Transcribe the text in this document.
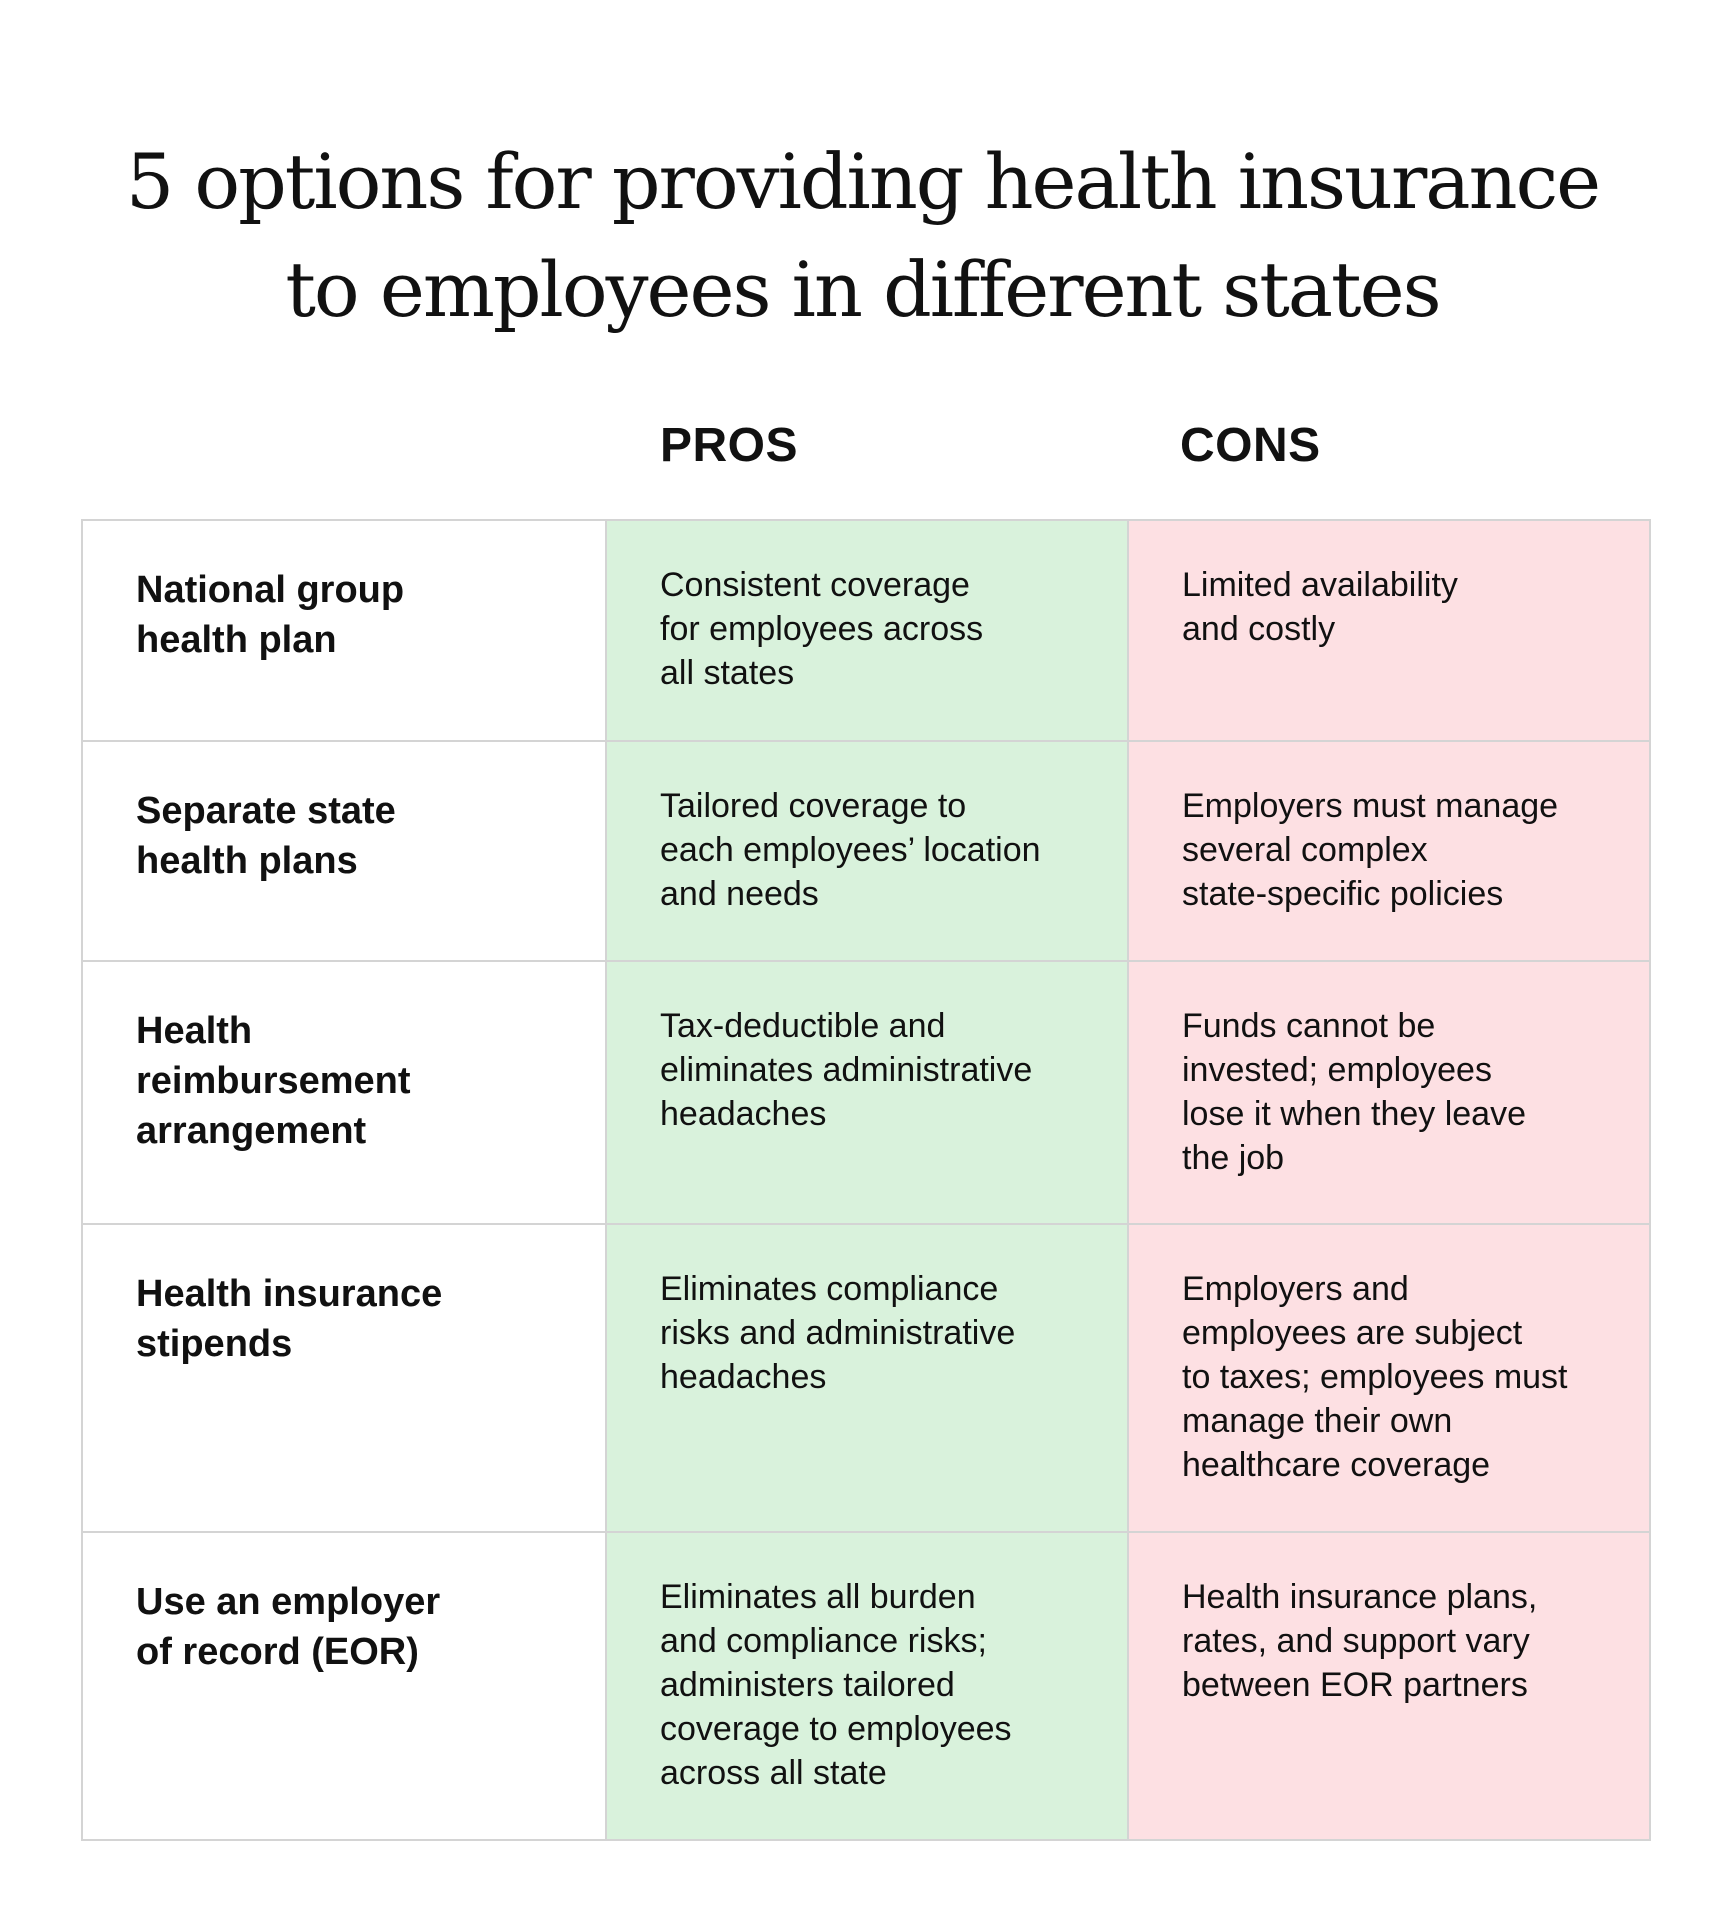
5 options for providing health insurance
to employees in different states
PROS	CONS
National group
health plan
Consistent coverage
for employees across
all states
Limited availability
and costly
Separate state
health plans
Tailored coverage to
each employees’ location
and needs
Employers must manage
several complex
state-specific policies
Health
reimbursement
arrangement
Tax-deductible and
eliminates administrative
headaches
Funds cannot be
invested; employees
lose it when they leave
the job
Health insurance
stipends
Eliminates compliance
risks and administrative
headaches
Employers and
employees are subject
to taxes; employees must
manage their own
healthcare coverage
Use an employer
of record (EOR)
Eliminates all burden
and compliance risks;
administers tailored
coverage to employees
across all state
Health insurance plans,
rates, and support vary
between EOR partners
